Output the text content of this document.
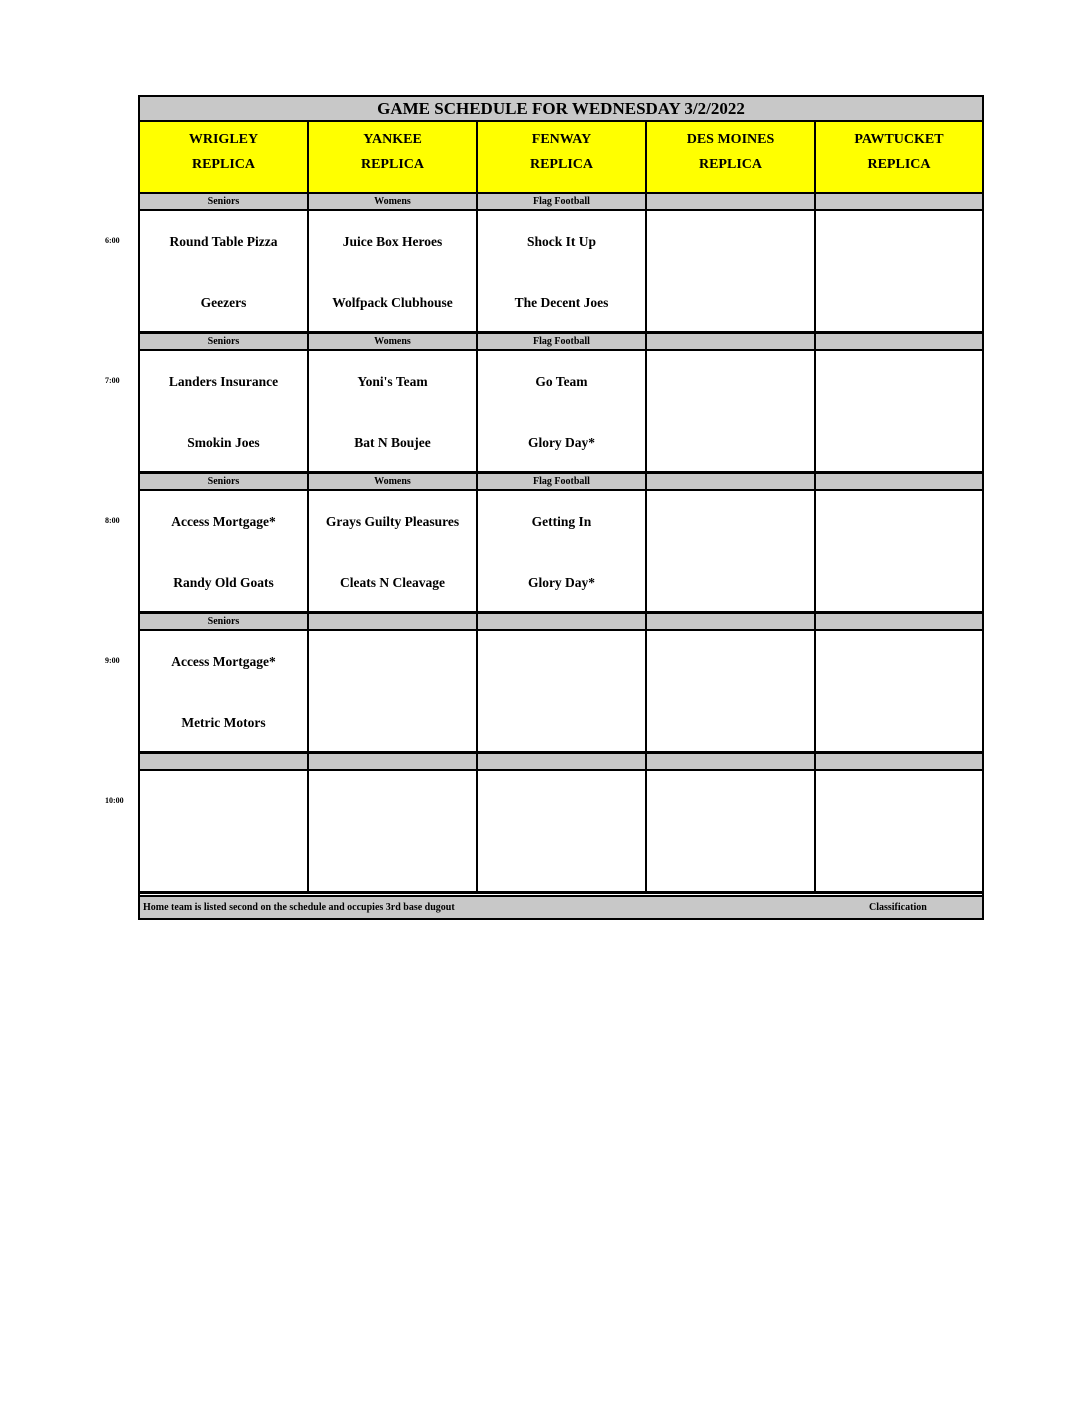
GAME SCHEDULE FOR WEDNESDAY 3/2/2022
WRIGLEY
REPLICA
YANKEE
REPLICA
FENWAY
REPLICA
DES MOINES
REPLICA
PAWTUCKET
REPLICA
Seniors
Round Table Pizza
Geezers
Womens
Juice Box Heroes
Wolfpack Clubhouse
Flag Football
Shock It Up
The Decent Joes
Seniors
Landers Insurance
Smokin Joes
Womens
Yoni's Team
Bat N Boujee
Flag Football
Go Team
Glory Day*
Seniors
Access Mortgage*
Randy Old Goats
Womens
Grays Guilty Pleasures
Cleats N Cleavage
Flag Football
Getting In
Glory Day*
Seniors
Access Mortgage*
Metric Motors
Home team is listed second on the schedule and occupies 3rd base dugout	Classification
6:00
7:00
8:00
9:00
10:00
